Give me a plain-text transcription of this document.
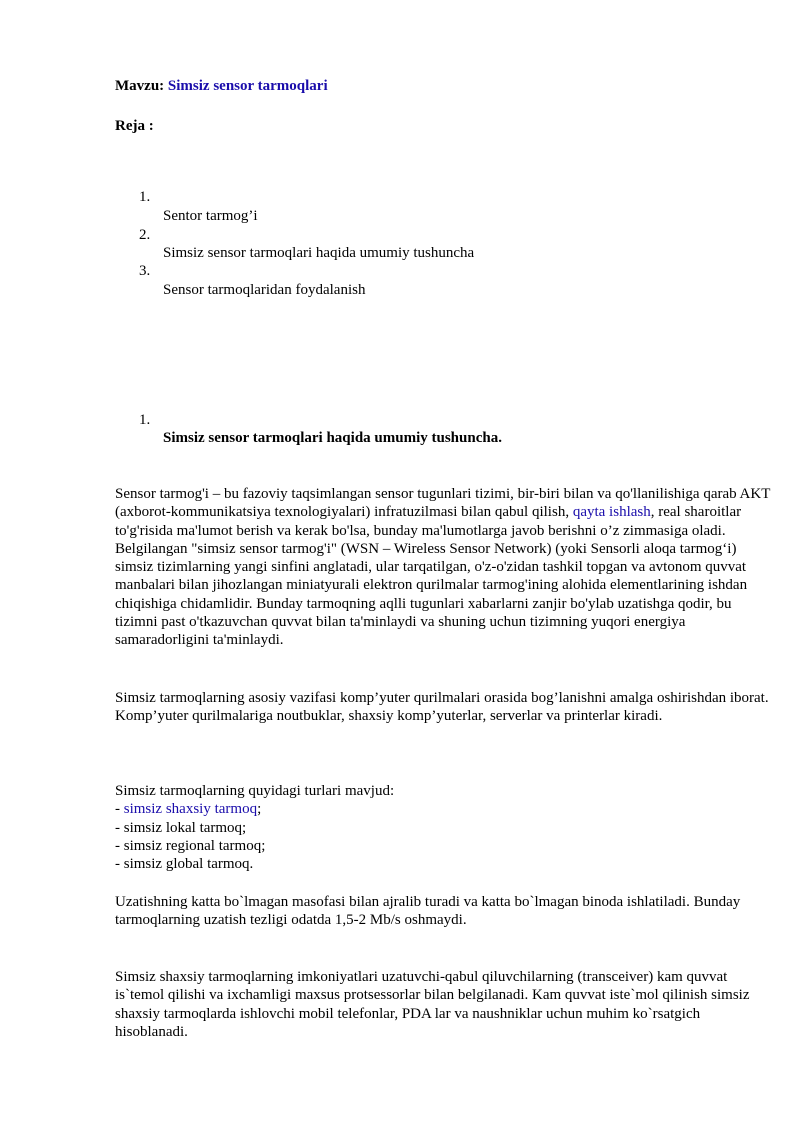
Mavzu: Simsiz sensor tarmoqlari
Reja :
1.
Sentor tarmog’i
2.
Simsiz sensor tarmoqlari haqida umumiy tushuncha
3.
Sensor tarmoqlaridan foydalanish
1.
Simsiz sensor tarmoqlari haqida umumiy tushuncha.

Sensor tarmog'i – bu fazoviy taqsimlangan sensor tugunlari tizimi, bir-biri bilan va qo'llanilishiga qarab AKT (axborot-kommunikatsiya texnologiyalari) infratuzilmasi bilan qabul qilish, qayta ishlash, real sharoitlar to'g'risida ma'lumot berish va kerak bo'lsa, bunday ma'lumotlarga javob berishni o’z zimmasiga oladi. Belgilangan "simsiz sensor tarmog'i" (WSN – Wireless Sensor Network) (yoki Sensorli aloqa tarmog‘i) simsiz tizimlarning yangi sinfini anglatadi, ular tarqatilgan, o'z-o'zidan tashkil topgan va avtonom quvvat manbalari bilan jihozlangan miniatyurali elektron qurilmalar tarmog'ining alohida elementlarining ishdan chiqishiga chidamlidir. Bunday tarmoqning aqlli tugunlari xabarlarni zanjir bo'ylab uzatishga qodir, bu tizimni past o'tkazuvchan quvvat bilan ta'minlaydi va shuning uchun tizimning yuqori energiya samaradorligini ta'minlaydi.

Simsiz tarmoqlarning asosiy vazifasi komp’yuter qurilmalari orasida bog’lanishni amalga oshirishdan iborat. Komp’yuter qurilmalariga noutbuklar, shaxsiy komp’yuterlar, serverlar va printerlar kiradi.

Simsiz tarmoqlarning quyidagi turlari mavjud:
- simsiz shaxsiy tarmoq;
- simsiz lokal tarmoq;
- simsiz regional tarmoq;
- simsiz global tarmoq.

Uzatishning katta bo`lmagan masofasi bilan ajralib turadi va katta bo`lmagan binoda ishlatiladi. Bunday tarmoqlarning uzatish tezligi odatda 1,5-2 Mb/s oshmaydi.

Simsiz shaxsiy tarmoqlarning imkoniyatlari uzatuvchi-qabul qiluvchilarning (transceiver) kam quvvat is`temol qilishi va ixchamligi maxsus protsessorlar bilan belgilanadi. Kam quvvat iste`mol qilinish simsiz shaxsiy tarmoqlarda ishlovchi mobil telefonlar, PDA lar va naushniklar uchun muhim ko`rsatgich hisoblanadi.
